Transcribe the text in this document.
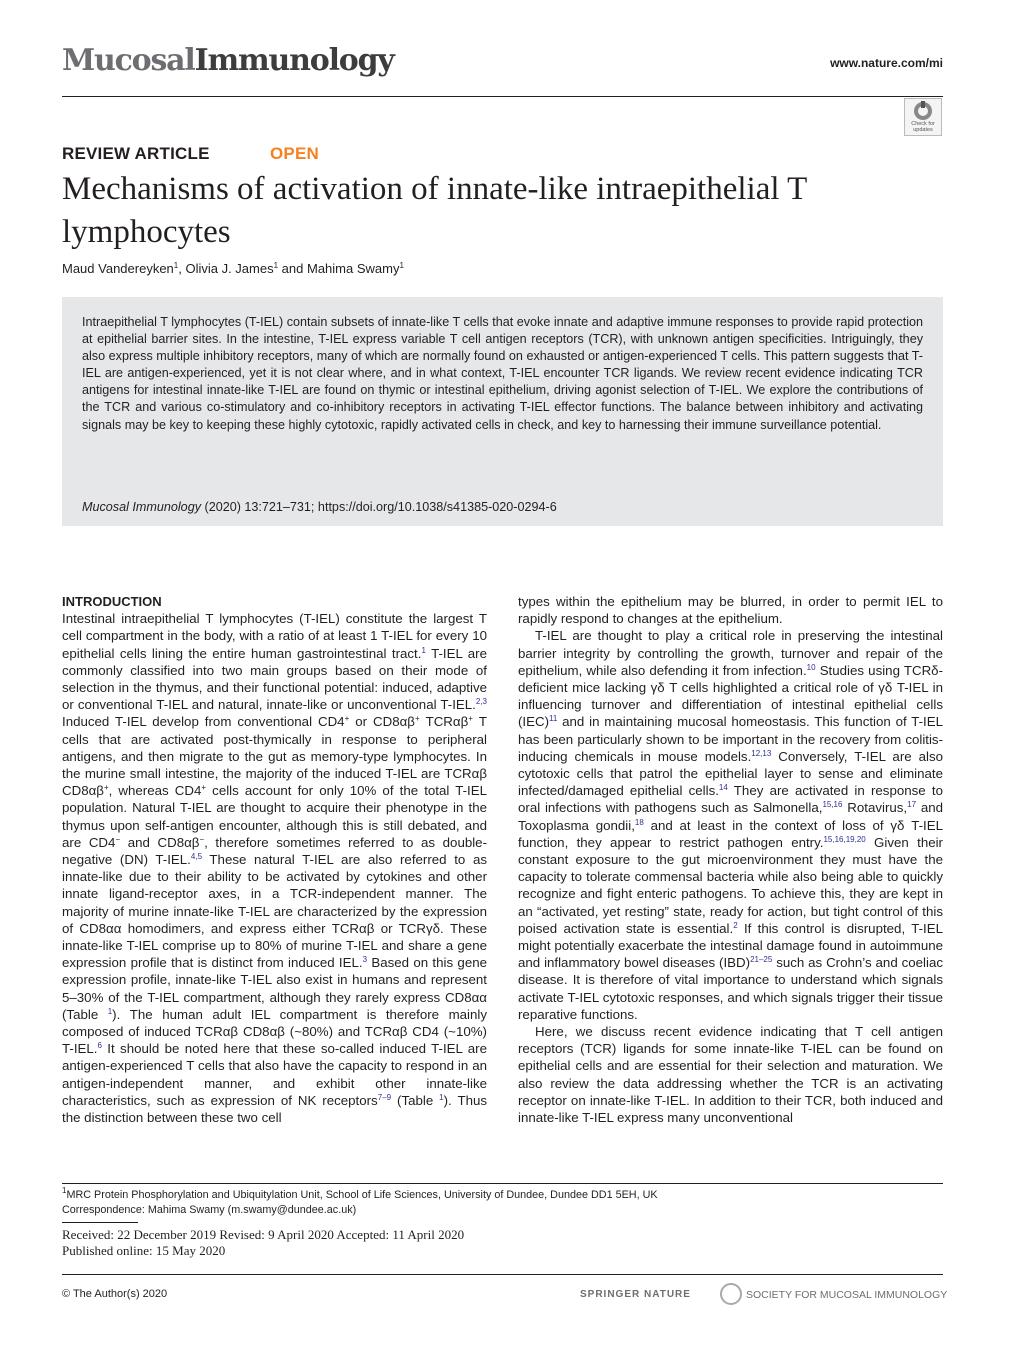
MucosalImmunology	www.nature.com/mi
Check for updates
REVIEW ARTICLE	OPEN
Mechanisms of activation of innate-like intraepithelial T lymphocytes
Maud Vandereyken$^1$, Olivia J. James$^1$ and Mahima Swamy$^1$
Intraepithelial T lymphocytes (T-IEL) contain subsets of innate-like T cells that evoke innate and adaptive immune responses to provide rapid protection at epithelial barrier sites. In the intestine, T-IEL express variable T cell antigen receptors (TCR), with unknown antigen specificities. Intriguingly, they also express multiple inhibitory receptors, many of which are normally found on exhausted or antigen-experienced T cells. This pattern suggests that T-IEL are antigen-experienced, yet it is not clear where, and in what context, T-IEL encounter TCR ligands. We review recent evidence indicating TCR antigens for intestinal innate-like T-IEL are found on thymic or intestinal epithelium, driving agonist selection of T-IEL. We explore the contributions of the TCR and various co-stimulatory and co-inhibitory receptors in activating T-IEL effector functions. The balance between inhibitory and activating signals may be key to keeping these highly cytotoxic, rapidly activated cells in check, and key to harnessing their immune surveillance potential.
Mucosal Immunology (2020) 13:721–731; https://doi.org/10.1038/s41385-020-0294-6
INTRODUCTION

Intestinal intraepithelial T lymphocytes (T-IEL) constitute the largest T cell compartment in the body, with a ratio of at least 1 T-IEL for every 10 epithelial cells lining the entire human gastrointestinal tract.$^1$ T-IEL are commonly classified into two main groups based on their mode of selection in the thymus, and their functional potential: induced, adaptive or conventional T-IEL and natural, innate-like or unconventional T-IEL.$^{2,3}$ Induced T-IEL develop from conventional CD4+ or CD8αβ+ TCRαβ+ T cells that are activated post-thymically in response to peripheral antigens, and then migrate to the gut as memory-type lymphocytes. In the murine small intestine, the majority of the induced T-IEL are TCRαβ CD8αβ+, whereas CD4+ cells account for only 10% of the total T-IEL population. Natural T-IEL are thought to acquire their phenotype in the thymus upon self-antigen encounter, although this is still debated, and are CD4− and CD8αβ−, therefore sometimes referred to as double-negative (DN) T-IEL.$^{4,5}$ These natural T-IEL are also referred to as innate-like due to their ability to be activated by cytokines and other innate ligand-receptor axes, in a TCR-independent manner. The majority of murine innate-like T-IEL are characterized by the expression of CD8αα homodimers, and express either TCRαβ or TCRγδ. These innate-like T-IEL comprise up to 80% of murine T-IEL and share a gene expression profile that is distinct from induced IEL.$^3$ Based on this gene expression profile, innate-like T-IEL also exist in humans and represent 5–30% of the T-IEL compartment, although they rarely express CD8αα (Table $^1$). The human adult IEL compartment is therefore mainly composed of induced TCRαβ CD8αβ (~80%) and TCRαβ CD4 (~10%) T-IEL.$^6$ It should be noted here that these so-called induced T-IEL are antigen-experienced T cells that also have the capacity to respond in an antigen-independent manner, and exhibit other innate-like characteristics, such as expression of NK receptors$^{7-9}$ (Table $^1$). Thus the distinction between these two cell

types within the epithelium may be blurred, in order to permit IEL to rapidly respond to changes at the epithelium.

T-IEL are thought to play a critical role in preserving the intestinal barrier integrity by controlling the growth, turnover and repair of the epithelium, while also defending it from infection.$^{10}$ Studies using TCRδ-deficient mice lacking γδ T cells highlighted a critical role of γδ T-IEL in influencing turnover and differentiation of intestinal epithelial cells (IEC)$^{11}$ and in maintaining mucosal homeostasis. This function of T-IEL has been particularly shown to be important in the recovery from colitis-inducing chemicals in mouse models.$^{12,13}$ Conversely, T-IEL are also cytotoxic cells that patrol the epithelial layer to sense and eliminate infected/damaged epithelial cells.$^{14}$ They are activated in response to oral infections with pathogens such as Salmonella,$^{15,16}$ Rotavirus,$^{17}$ and Toxoplasma gondii,$^{18}$ and at least in the context of loss of γδ T-IEL function, they appear to restrict pathogen entry.$^{15,16,19,20}$ Given their constant exposure to the gut microenvironment they must have the capacity to tolerate commensal bacteria while also being able to quickly recognize and fight enteric pathogens. To achieve this, they are kept in an “activated, yet resting” state, ready for action, but tight control of this poised activation state is essential.$^2$ If this control is disrupted, T-IEL might potentially exacerbate the intestinal damage found in autoimmune and inflammatory bowel diseases (IBD)$^{21-25}$ such as Crohn’s and coeliac disease. It is therefore of vital importance to understand which signals activate T-IEL cytotoxic responses, and which signals trigger their tissue reparative functions.

Here, we discuss recent evidence indicating that T cell antigen receptors (TCR) ligands for some innate-like T-IEL can be found on epithelial cells and are essential for their selection and maturation. We also review the data addressing whether the TCR is an activating receptor on innate-like T-IEL. In addition to their TCR, both induced and innate-like T-IEL express many unconventional

$^1$MRC Protein Phosphorylation and Ubiquitylation Unit, School of Life Sciences, University of Dundee, Dundee DD1 5EH, UK
Correspondence: Mahima Swamy (m.swamy@dundee.ac.uk)
Received: 22 December 2019 Revised: 9 April 2020 Accepted: 11 April 2020
Published online: 15 May 2020
© The Author(s) 2020	SPRINGER NATURE	SOCIETY FOR MUCOSAL IMMUNOLOGY
